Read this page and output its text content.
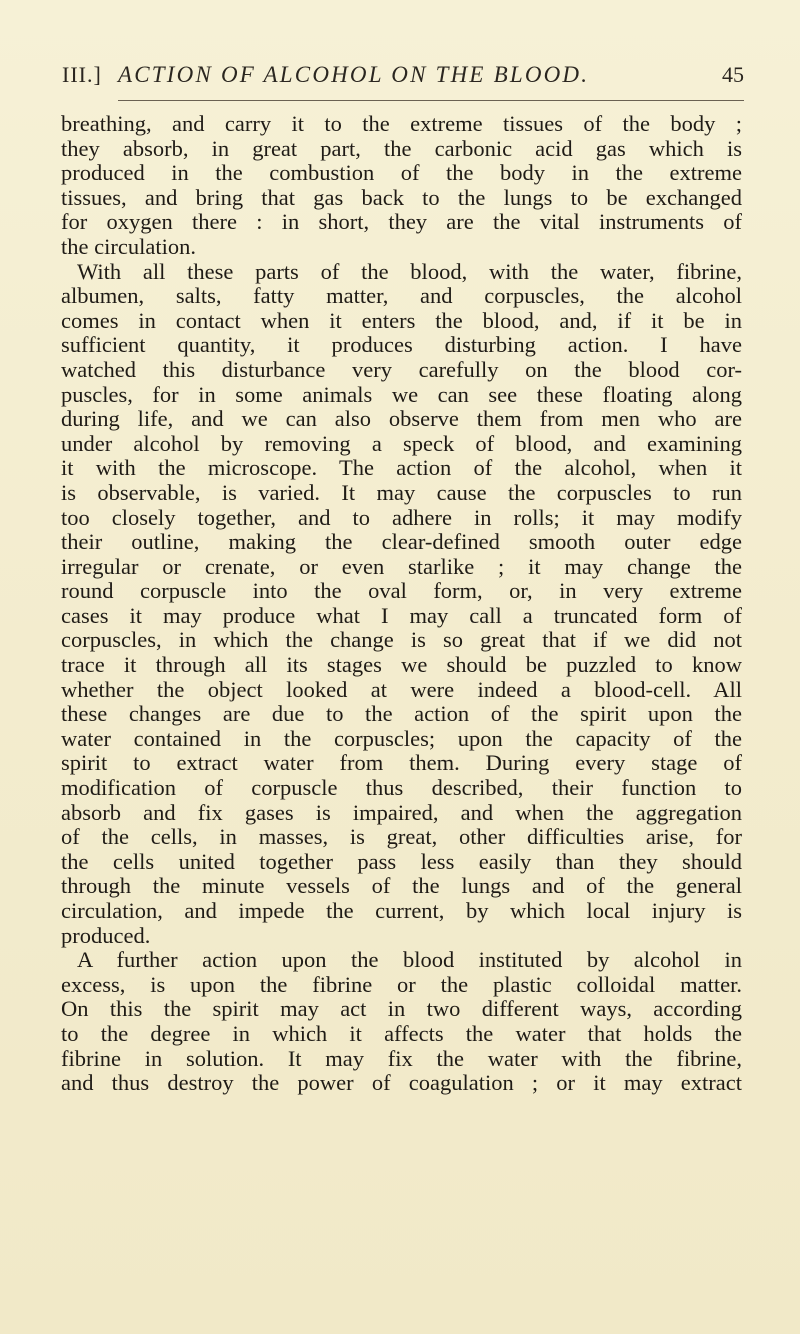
III.] ACTION OF ALCOHOL ON THE BLOOD.	45
breathing, and carry it to the extreme tissues of the body ;
they absorb, in great part, the carbonic acid gas which is
produced in the combustion of the body in the extreme
tissues, and bring that gas back to the lungs to be exchanged
for oxygen there : in short, they are the vital instruments of
the circulation.
With all these parts of the blood, with the water, fibrine,
albumen, salts, fatty matter, and corpuscles, the alcohol
comes in contact when it enters the blood, and, if it be in
sufficient quantity, it produces disturbing action. I have
watched this disturbance very carefully on the blood cor-
puscles, for in some animals we can see these floating along
during life, and we can also observe them from men who are
under alcohol by removing a speck of blood, and examining
it with the microscope. The action of the alcohol, when it
is observable, is varied. It may cause the corpuscles to run
too closely together, and to adhere in rolls; it may modify
their outline, making the clear-defined smooth outer edge
irregular or crenate, or even starlike ; it may change the
round corpuscle into the oval form, or, in very extreme
cases it may produce what I may call a truncated form of
corpuscles, in which the change is so great that if we did not
trace it through all its stages we should be puzzled to know
whether the object looked at were indeed a blood-cell. All
these changes are due to the action of the spirit upon the
water contained in the corpuscles; upon the capacity of the
spirit to extract water from them. During every stage of
modification of corpuscle thus described, their function to
absorb and fix gases is impaired, and when the aggregation
of the cells, in masses, is great, other difficulties arise, for
the cells united together pass less easily than they should
through the minute vessels of the lungs and of the general
circulation, and impede the current, by which local injury is
produced.
A further action upon the blood instituted by alcohol in
excess, is upon the fibrine or the plastic colloidal matter.
On this the spirit may act in two different ways, according
to the degree in which it affects the water that holds the
fibrine in solution. It may fix the water with the fibrine,
and thus destroy the power of coagulation ; or it may extract
